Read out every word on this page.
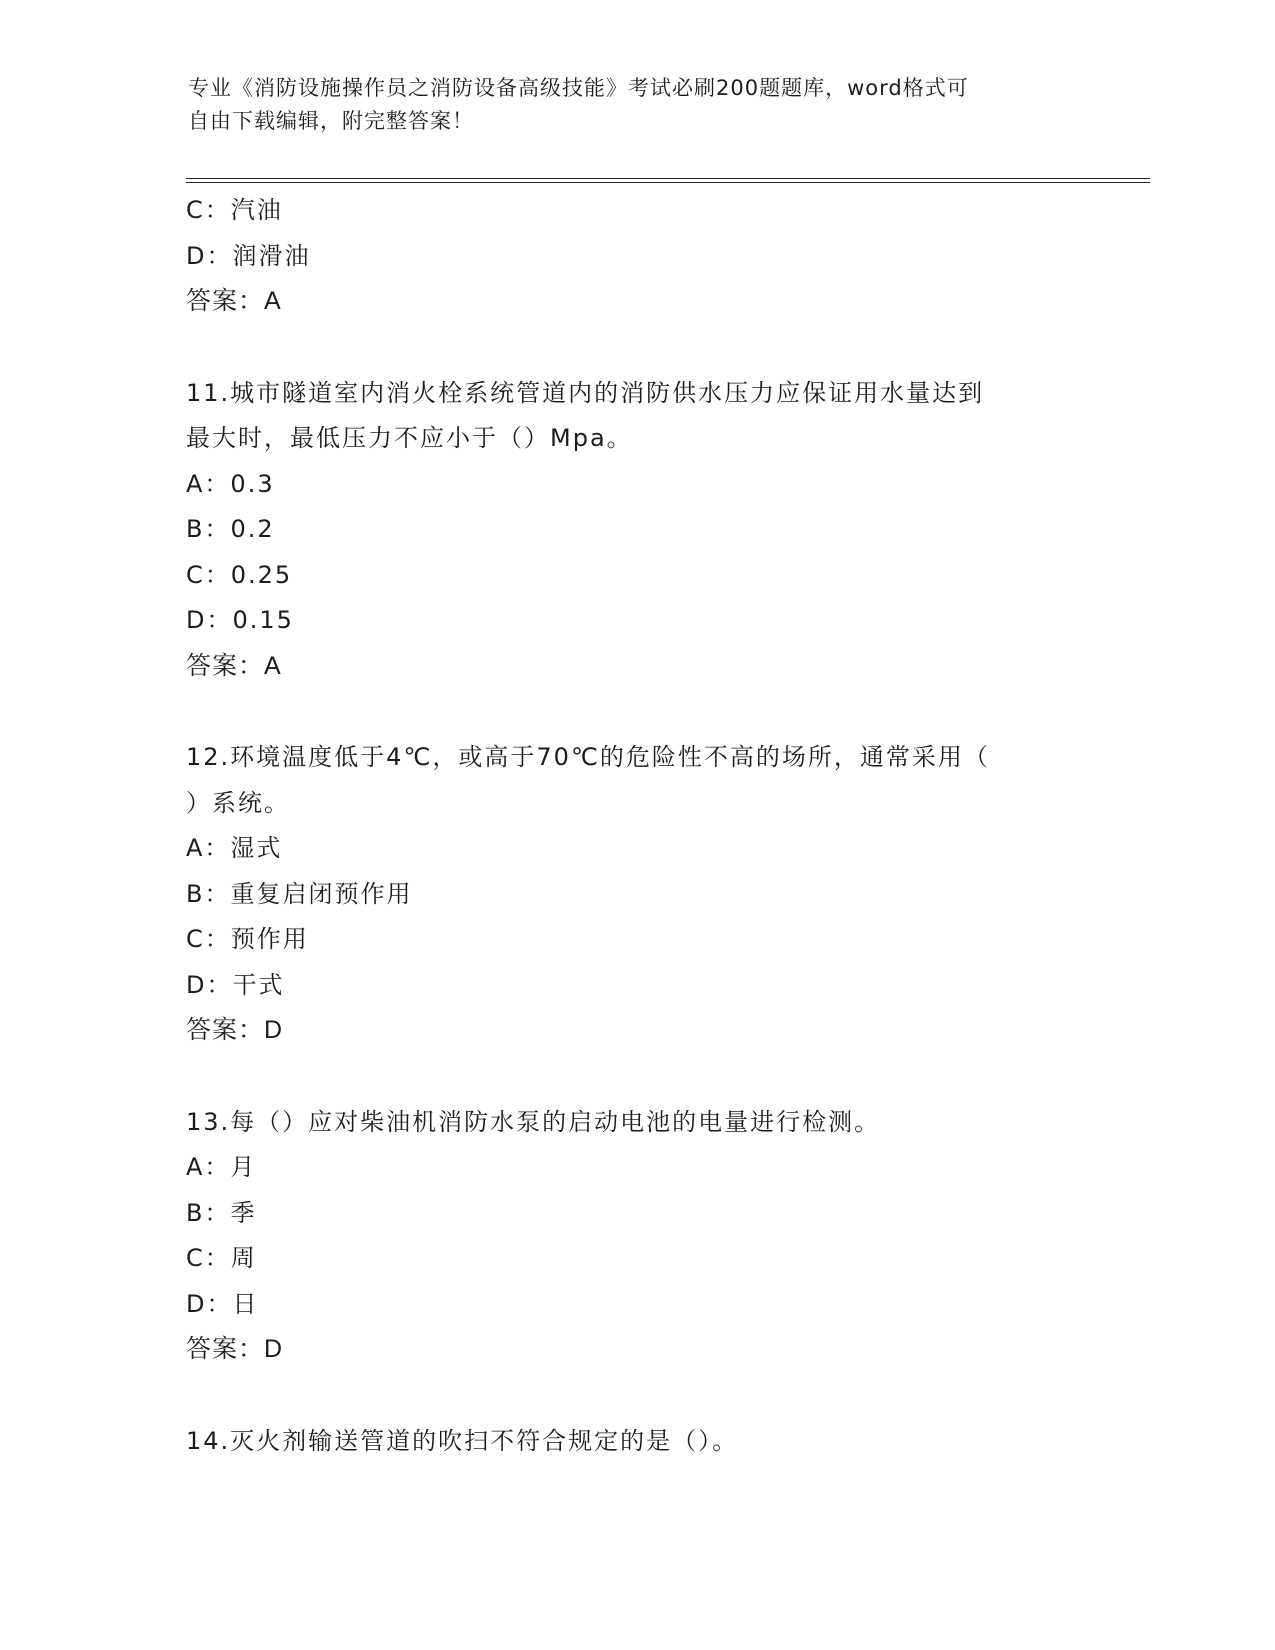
专业《消防设施操作员之消防设备高级技能》考试必刷200题题库，word格式可
自由下载编辑，附完整答案！
C：汽油
D：润滑油
答案：A
11.城市隧道室内消火栓系统管道内的消防供水压力应保证用水量达到
最大时，最低压力不应小于（）Mpa。
A：0.3
B：0.2
C：0.25
D：0.15
答案：A
12.环境温度低于4℃，或高于70℃的危险性不高的场所，通常采用（
）系统。
A：湿式
B：重复启闭预作用
C：预作用
D：干式
答案：D
13.每（）应对柴油机消防水泵的启动电池的电量进行检测。
A：月
B：季
C：周
D：日
答案：D
14.灭火剂输送管道的吹扫不符合规定的是（）。
